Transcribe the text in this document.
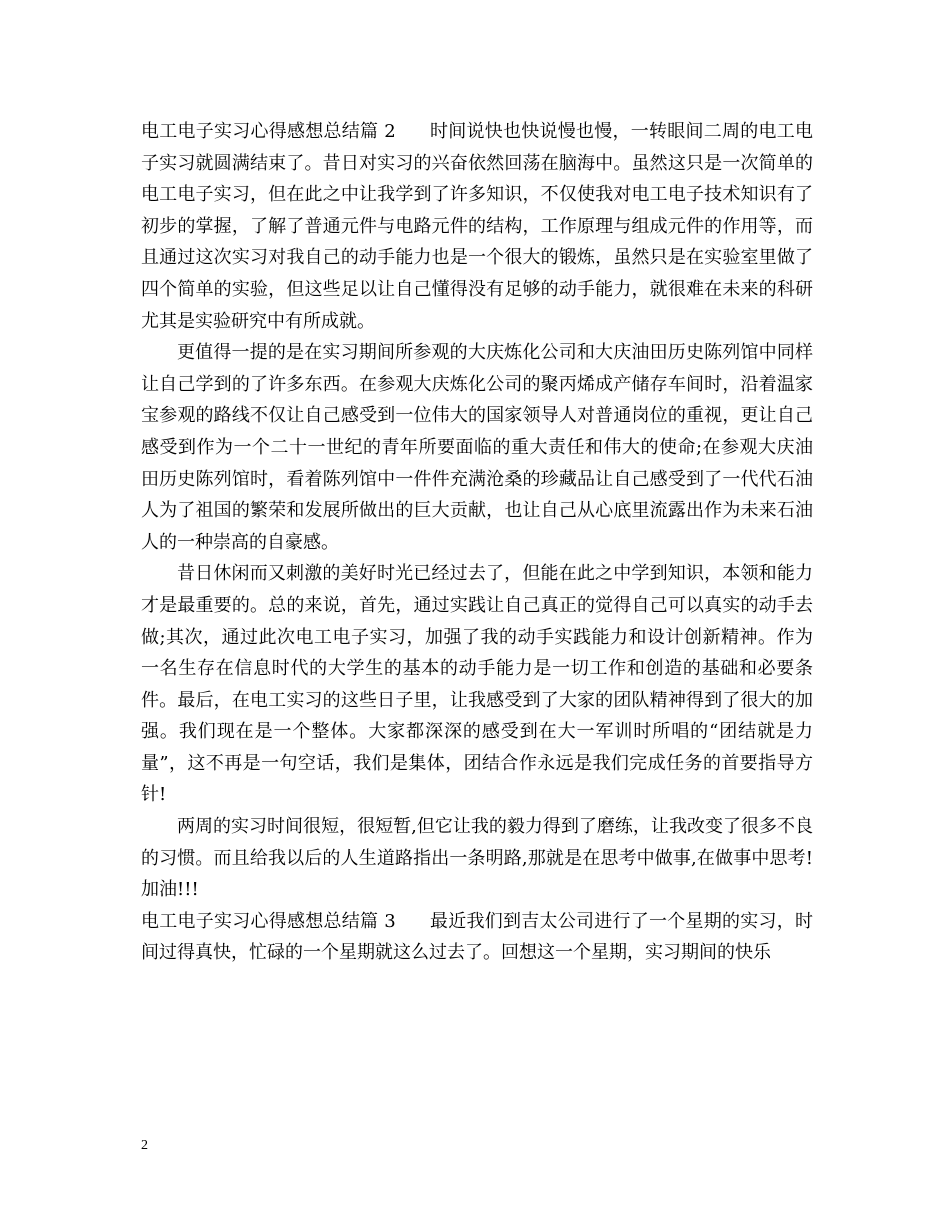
电工电子实习心得感想总结篇 2 时间说快也快说慢也慢，一转眼间二周的电工电子实习就圆满结束了。昔日对实习的兴奋依然回荡在脑海中。虽然这只是一次简单的电工电子实习，但在此之中让我学到了许多知识，不仅使我对电工电子技术知识有了初步的掌握，了解了普通元件与电路元件的结构，工作原理与组成元件的作用等，而且通过这次实习对我自己的动手能力也是一个很大的锻炼，虽然只是在实验室里做了四个简单的实验，但这些足以让自己懂得没有足够的动手能力，就很难在未来的科研尤其是实验研究中有所成就。

更值得一提的是在实习期间所参观的大庆炼化公司和大庆油田历史陈列馆中同样让自己学到的了许多东西。在参观大庆炼化公司的聚丙烯成产储存车间时，沿着温家宝参观的路线不仅让自己感受到一位伟大的国家领导人对普通岗位的重视，更让自己感受到作为一个二十一世纪的青年所要面临的重大责任和伟大的使命;在参观大庆油田历史陈列馆时，看着陈列馆中一件件充满沧桑的珍藏品让自己感受到了一代代石油人为了祖国的繁荣和发展所做出的巨大贡献，也让自己从心底里流露出作为未来石油人的一种崇高的自豪感。

昔日休闲而又刺激的美好时光已经过去了，但能在此之中学到知识，本领和能力才是最重要的。总的来说，首先，通过实践让自己真正的觉得自己可以真实的动手去做;其次，通过此次电工电子实习，加强了我的动手实践能力和设计创新精神。作为一名生存在信息时代的大学生的基本的动手能力是一切工作和创造的基础和必要条件。最后，在电工实习的这些日子里，让我感受到了大家的团队精神得到了很大的加强。我们现在是一个整体。大家都深深的感受到在大一军训时所唱的“团结就是力量”，这不再是一句空话，我们是集体，团结合作永远是我们完成任务的首要指导方针!

两周的实习时间很短，很短暂,但它让我的毅力得到了磨练，让我改变了很多不良的习惯。而且给我以后的人生道路指出一条明路,那就是在思考中做事,在做事中思考!加油!!!

电工电子实习心得感想总结篇 3 最近我们到吉太公司进行了一个星期的实习，时间过得真快，忙碌的一个星期就这么过去了。回想这一个星期，实习期间的快乐

2
